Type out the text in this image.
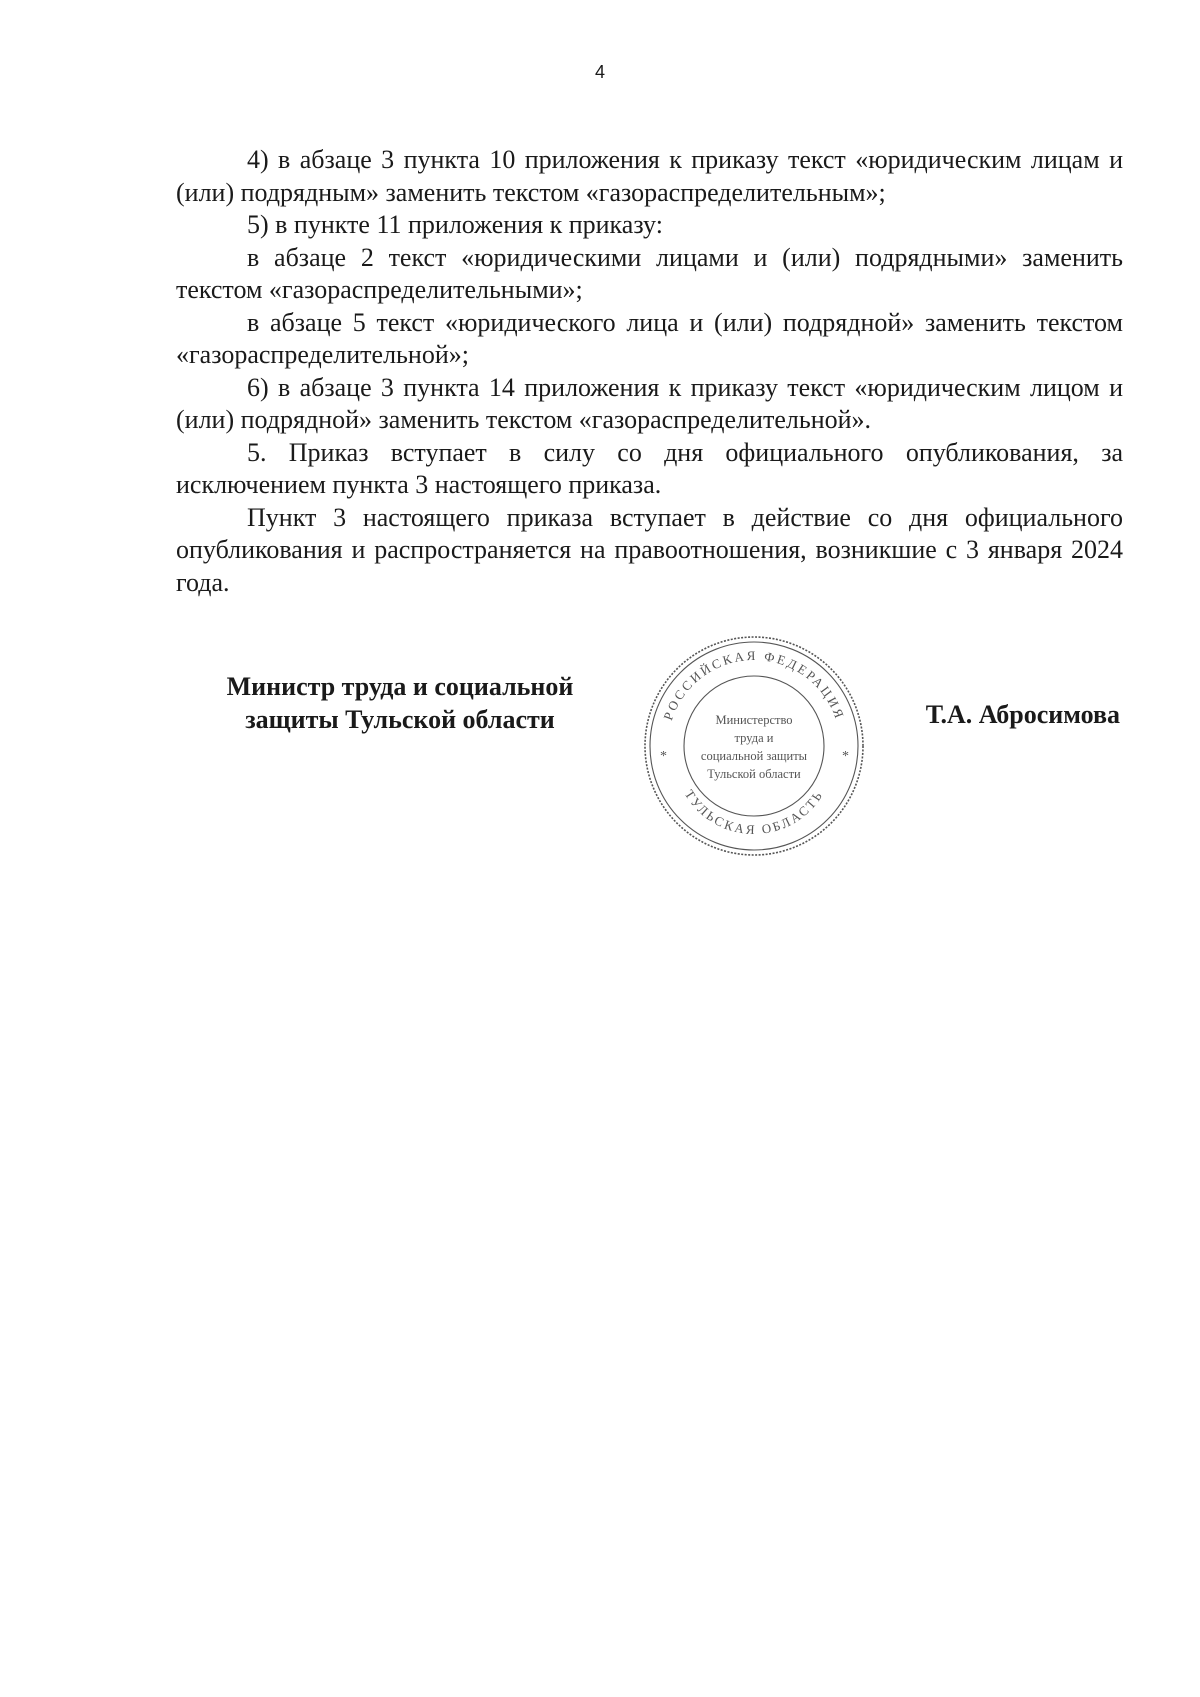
4

4) в абзаце 3 пункта 10 приложения к приказу текст «юридическим лицам и (или) подрядным» заменить текстом «газораспределительным»;

5) в пункте 11 приложения к приказу:

в абзаце 2 текст «юридическими лицами и (или) подрядными» заменить текстом «газораспределительными»;

в абзаце 5 текст «юридического лица и (или) подрядной» заменить текстом «газораспределительной»;

6) в абзаце 3 пункта 14 приложения к приказу текст «юридическим лицом и (или) подрядной» заменить текстом «газораспределительной».

5. Приказ вступает в силу со дня официального опубликования, за исключением пункта 3 настоящего приказа.

Пункт 3 настоящего приказа вступает в действие со дня официального опубликования и распространяется на правоотношения, возникшие с 3 января 2024 года.

Министр труда и социальной
защиты Тульской области	РОССИЙСКАЯ ФЕДЕРАЦИЯ
ТУЛЬСКАЯ ОБЛАСТЬ
*	*
Министерство
труда и
социальной защиты
Тульской области
Т.А. Абросимова
